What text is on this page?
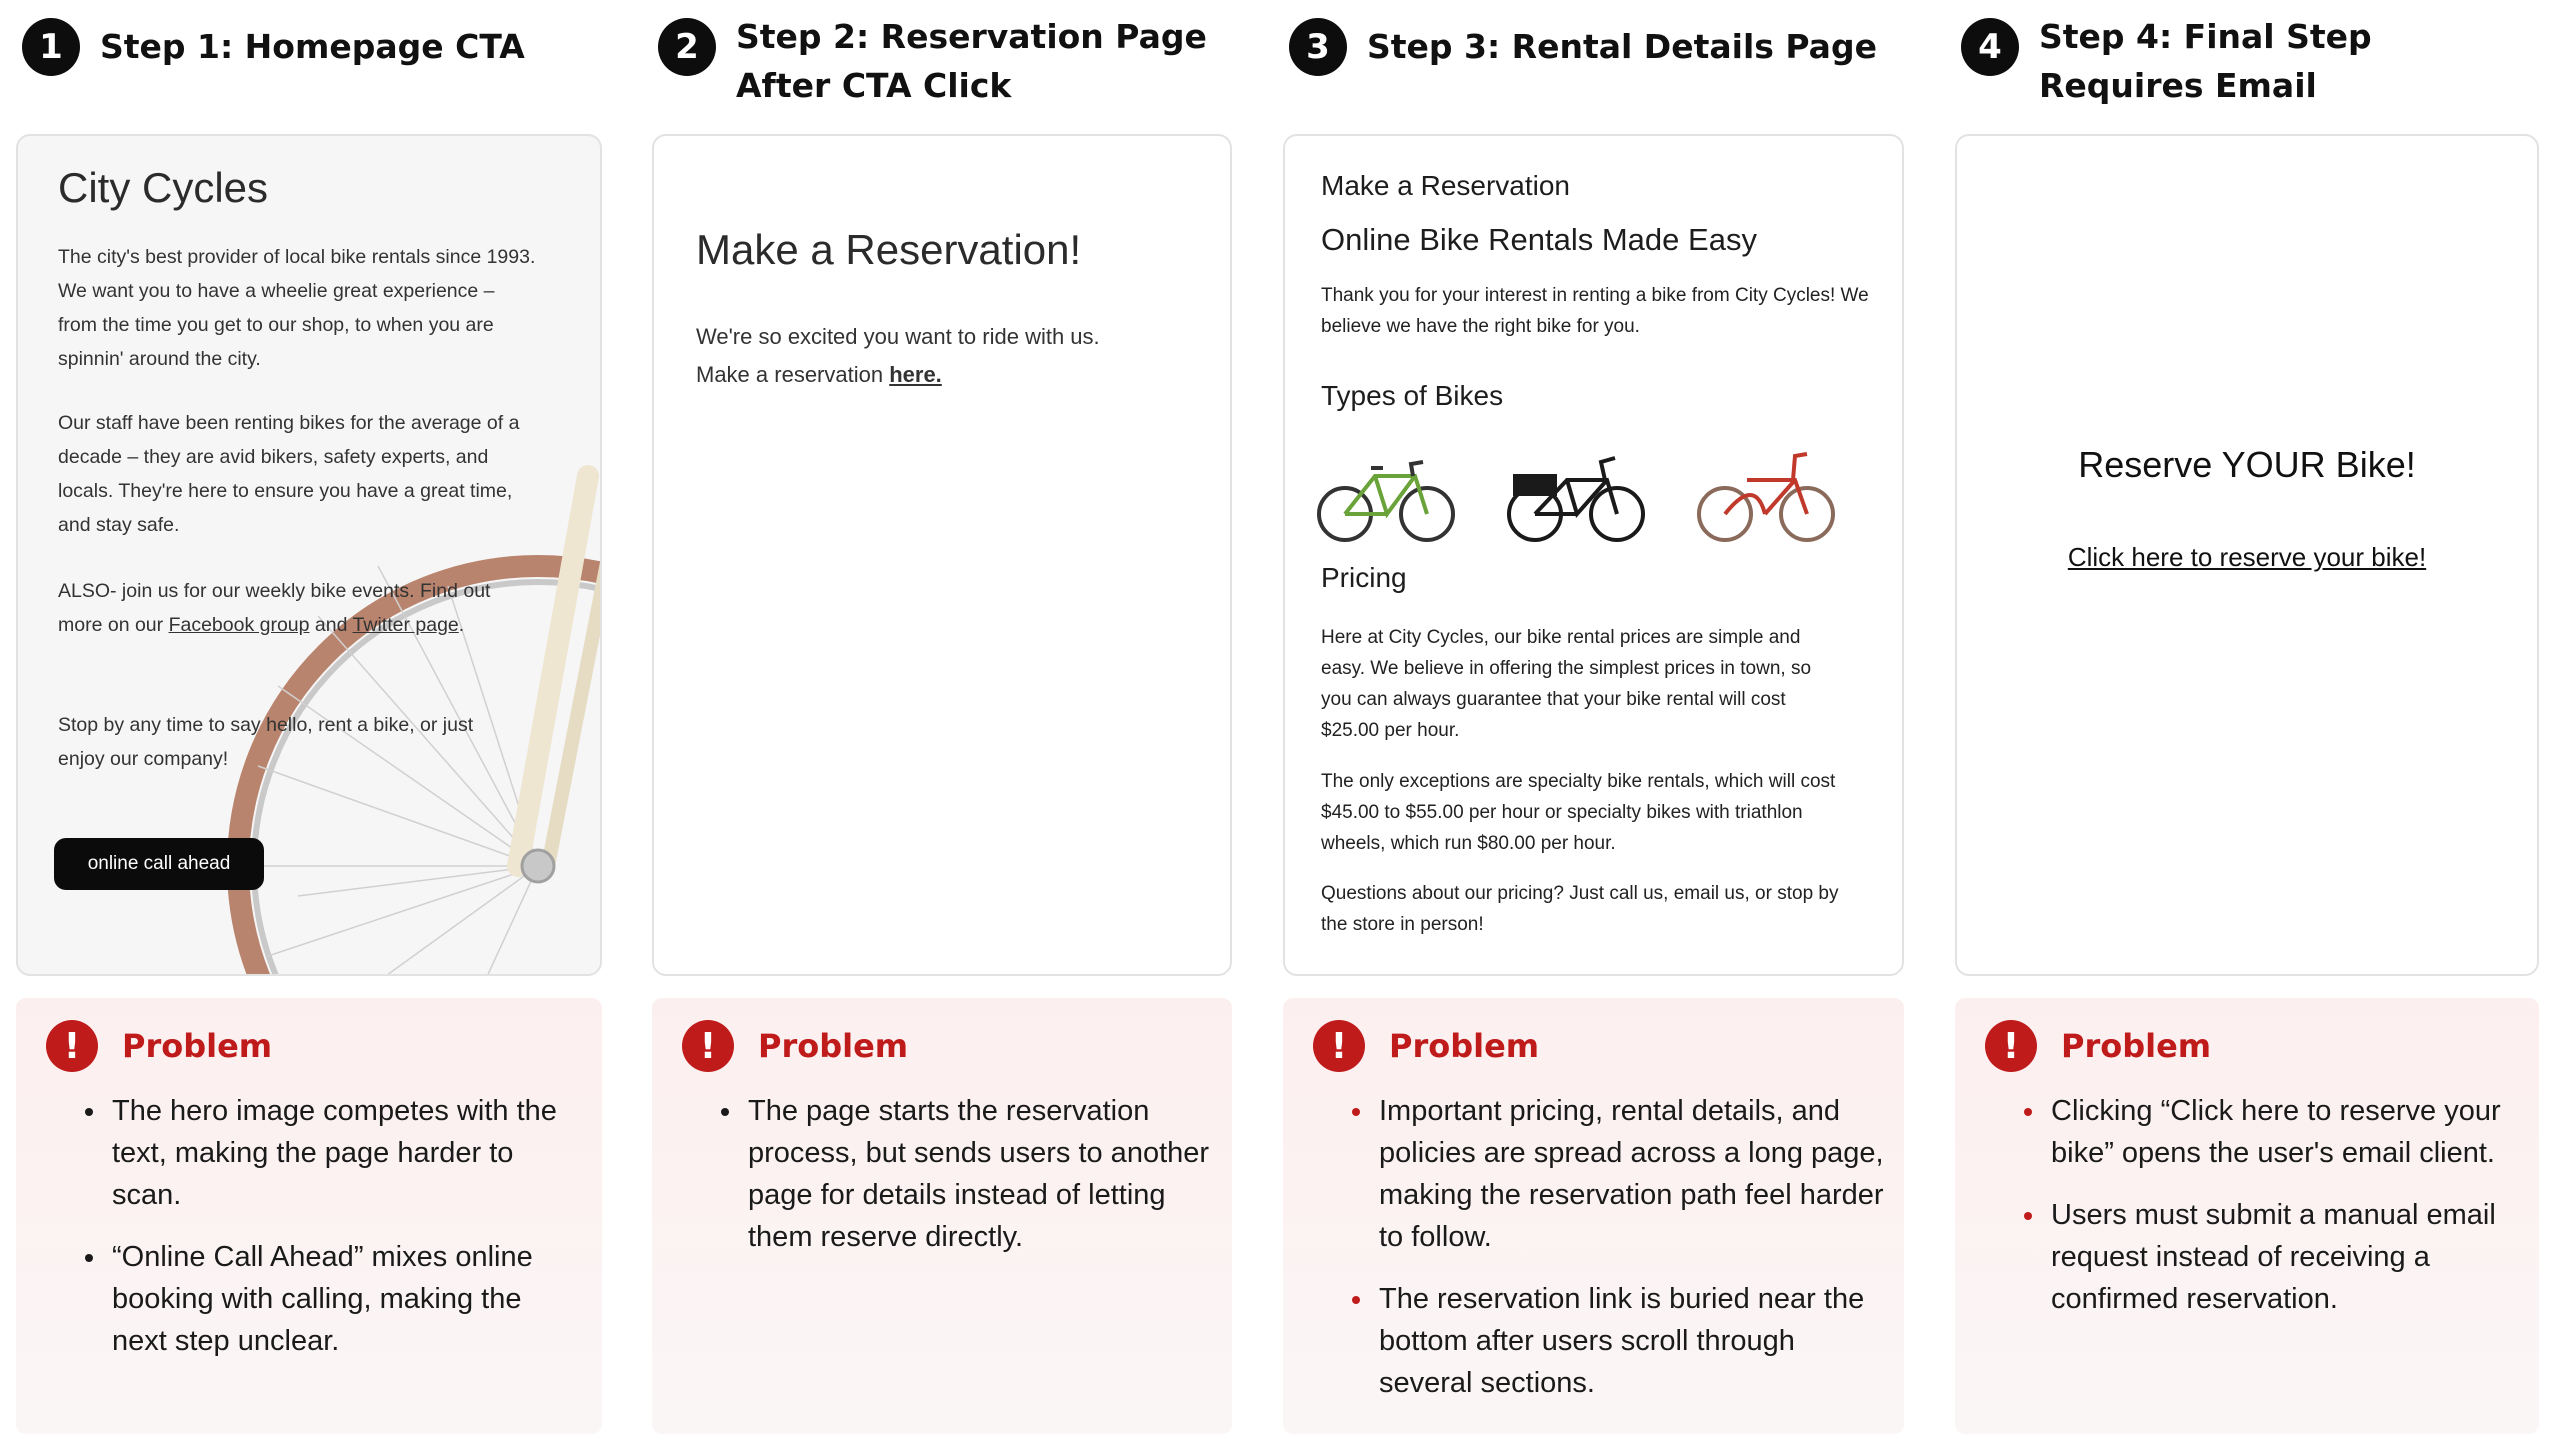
1	Step 1: Homepage CTA
City Cycles
The city's best provider of local bike rentals since 1993. We want you to have a wheelie great experience – from the time you get to our shop, to when you are spinnin' around the city.
Our staff have been renting bikes for the average of a decade – they are avid bikers, safety experts, and locals. They're here to ensure you have a great time, and stay safe.
ALSO- join us for our weekly bike events. Find out more on our Facebook group and Twitter page.
Stop by any time to say hello, rent a bike, or just enjoy our company!
online call ahead
!	Problem
• The hero image competes with the text, making the page harder to scan.
• “Online Call Ahead” mixes online booking with calling, making the next step unclear.
2	Step 2: Reservation Page
After CTA Click
Make a Reservation!
We're so excited you want to ride with us.
Make a reservation here.
!	Problem
• The page starts the reservation process, but sends users to another page for details instead of letting them reserve directly.
3	Step 3: Rental Details Page
Make a Reservation
Online Bike Rentals Made Easy
Thank you for your interest in renting a bike from City Cycles! We believe we have the right bike for you.
Types of Bikes
Pricing
Here at City Cycles, our bike rental prices are simple and easy. We believe in offering the simplest prices in town, so you can always guarantee that your bike rental will cost $25.00 per hour.
The only exceptions are specialty bike rentals, which will cost $45.00 to $55.00 per hour or specialty bikes with triathlon wheels, which run $80.00 per hour.
Questions about our pricing? Just call us, email us, or stop by the store in person!
!	Problem
• Important pricing, rental details, and policies are spread across a long page, making the reservation path feel harder to follow.
• The reservation link is buried near the bottom after users scroll through several sections.
4	Step 4: Final Step
Requires Email
Reserve YOUR Bike!
Click here to reserve your bike!
!	Problem
• Clicking “Click here to reserve your bike” opens the user's email client.
• Users must submit a manual email request instead of receiving a confirmed reservation.
